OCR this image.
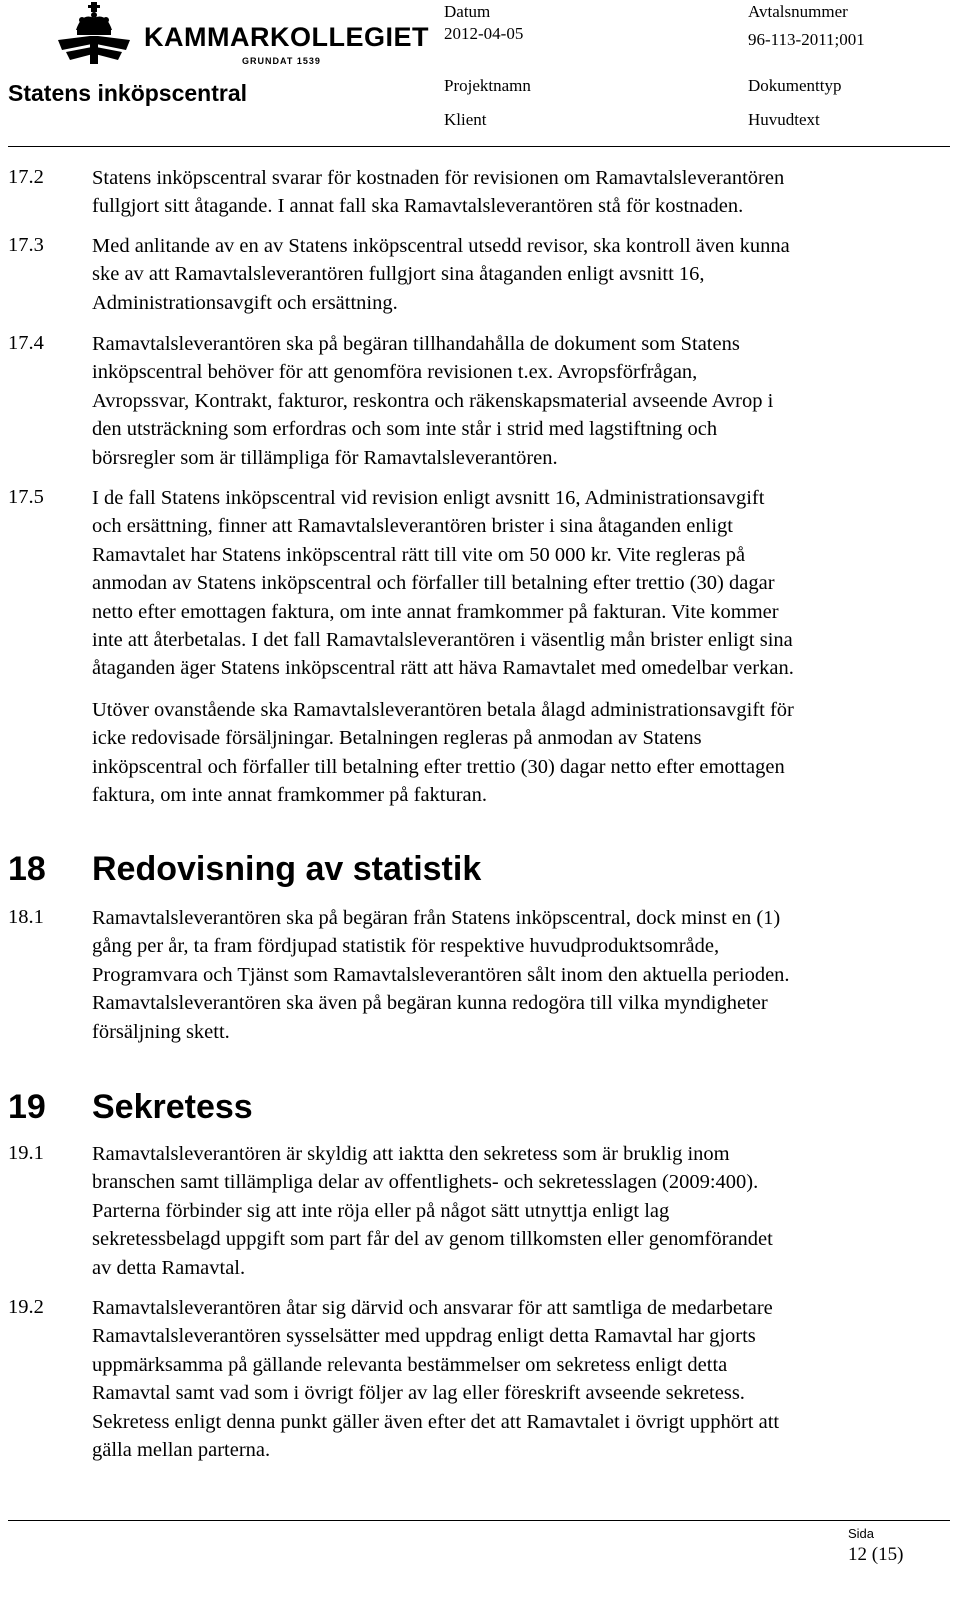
KAMMARKOLLEGIET
GRUNDAT 1539
Statens inköpscentral
Datum
2012-04-05
Avtalsnummer
96-113-2011;001
Projektnamn
Klient
Dokumenttyp
Huvudtext
17.2 Statens inköpscentral svarar för kostnaden för revisionen om Ramavtalsleverantören
fullgjort sitt åtagande. I annat fall ska Ramavtalsleverantören stå för kostnaden.
17.3 Med anlitande av en av Statens inköpscentral utsedd revisor, ska kontroll även kunna
ske av att Ramavtalsleverantören fullgjort sina åtaganden enligt avsnitt 16,
Administrationsavgift och ersättning.
17.4 Ramavtalsleverantören ska på begäran tillhandahålla de dokument som Statens
inköpscentral behöver för att genomföra revisionen t.ex. Avropsförfrågan,
Avropssvar, Kontrakt, fakturor, reskontra och räkenskapsmaterial avseende Avrop i
den utsträckning som erfordras och som inte står i strid med lagstiftning och
börsregler som är tillämpliga för Ramavtalsleverantören.
17.5 I de fall Statens inköpscentral vid revision enligt avsnitt 16, Administrationsavgift
och ersättning, finner att Ramavtalsleverantören brister i sina åtaganden enligt
Ramavtalet har Statens inköpscentral rätt till vite om 50 000 kr. Vite regleras på
anmodan av Statens inköpscentral och förfaller till betalning efter trettio (30) dagar
netto efter emottagen faktura, om inte annat framkommer på fakturan. Vite kommer
inte att återbetalas. I det fall Ramavtalsleverantören i väsentlig mån brister enligt sina
åtaganden äger Statens inköpscentral rätt att häva Ramavtalet med omedelbar verkan.
Utöver ovanstående ska Ramavtalsleverantören betala ålagd administrationsavgift för
icke redovisade försäljningar. Betalningen regleras på anmodan av Statens
inköpscentral och förfaller till betalning efter trettio (30) dagar netto efter emottagen
faktura, om inte annat framkommer på fakturan.
18 Redovisning av statistik
18.1 Ramavtalsleverantören ska på begäran från Statens inköpscentral, dock minst en (1)
gång per år, ta fram fördjupad statistik för respektive huvudproduktsområde,
Programvara och Tjänst som Ramavtalsleverantören sålt inom den aktuella perioden.
Ramavtalsleverantören ska även på begäran kunna redogöra till vilka myndigheter
försäljning skett.
19 Sekretess
19.1 Ramavtalsleverantören är skyldig att iaktta den sekretess som är bruklig inom
branschen samt tillämpliga delar av offentlighets- och sekretesslagen (2009:400).
Parterna förbinder sig att inte röja eller på något sätt utnyttja enligt lag
sekretessbelagd uppgift som part får del av genom tillkomsten eller genomförandet
av detta Ramavtal.
19.2 Ramavtalsleverantören åtar sig därvid och ansvarar för att samtliga de medarbetare
Ramavtalsleverantören sysselsätter med uppdrag enligt detta Ramavtal har gjorts
uppmärksamma på gällande relevanta bestämmelser om sekretess enligt detta
Ramavtal samt vad som i övrigt följer av lag eller föreskrift avseende sekretess.
Sekretess enligt denna punkt gäller även efter det att Ramavtalet i övrigt upphört att
gälla mellan parterna.
Sida
12 (15)
